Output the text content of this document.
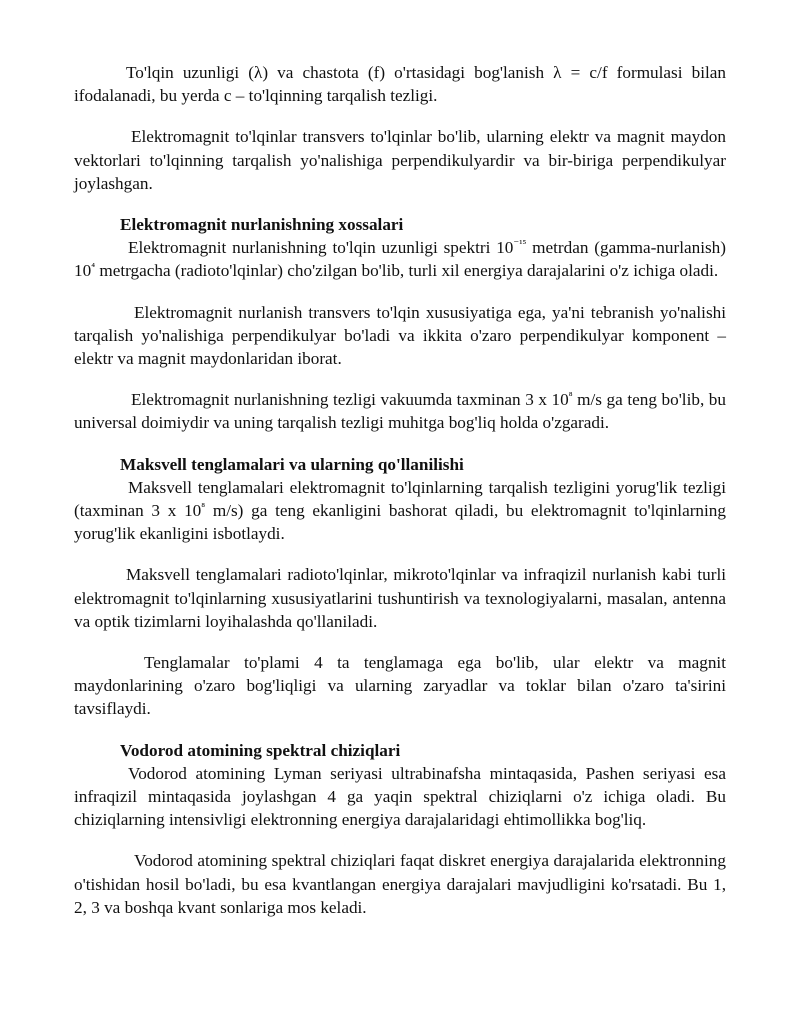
To'lqin uzunligi (λ) va chastota (f) o'rtasidagi bog'lanish λ = c/f formulasi bilan ifodalanadi, bu yerda c – to'lqinning tarqalish tezligi.

Elektromagnit to'lqinlar transvers to'lqinlar bo'lib, ularning elektr va magnit maydon vektorlari to'lqinning tarqalish yo'nalishiga perpendikulyardir va bir-biriga perpendikulyar joylashgan.

Elektromagnit nurlanishning xossalari

Elektromagnit nurlanishning to'lqin uzunligi spektri $10^{^{-15}}$ metrdan (gamma-nurlanish) $10^{^4}$ metrgacha (radioto'lqinlar) cho'zilgan bo'lib, turli xil energiya darajalarini o'z ichiga oladi.

Elektromagnit nurlanish transvers to'lqin xususiyatiga ega, ya'ni tebranish yo'nalishi tarqalish yo'nalishiga perpendikulyar bo'ladi va ikkita o'zaro perpendikulyar komponent – elektr va magnit maydonlaridan iborat.

Elektromagnit nurlanishning tezligi vakuumda taxminan 3 x $10^{^8}$ m/s ga teng bo'lib, bu universal doimiydir va uning tarqalish tezligi muhitga bog'liq holda o'zgaradi.

Maksvell tenglamalari va ularning qo'llanilishi

Maksvell tenglamalari elektromagnit to'lqinlarning tarqalish tezligini yorug'lik tezligi (taxminan 3 x $10^{^8}$ m/s) ga teng ekanligini bashorat qiladi, bu elektromagnit to'lqinlarning yorug'lik ekanligini isbotlaydi.

Maksvell tenglamalari radioto'lqinlar, mikroto'lqinlar va infraqizil nurlanish kabi turli elektromagnit to'lqinlarning xususiyatlarini tushuntirish va texnologiyalarni, masalan, antenna va optik tizimlarni loyihalashda qo'llaniladi.

Tenglamalar to'plami 4 ta tenglamaga ega bo'lib, ular elektr va magnit maydonlarining o'zaro bog'liqligi va ularning zaryadlar va toklar bilan o'zaro ta'sirini tavsiflaydi.

Vodorod atomining spektral chiziqlari

Vodorod atomining Lyman seriyasi ultrabinafsha mintaqasida, Pashen seriyasi esa infraqizil mintaqasida joylashgan 4 ga yaqin spektral chiziqlarni o'z ichiga oladi. Bu chiziqlarning intensivligi elektronning energiya darajalaridagi ehtimollikka bog'liq.

Vodorod atomining spektral chiziqlari faqat diskret energiya darajalarida elektronning o'tishidan hosil bo'ladi, bu esa kvantlangan energiya darajalari mavjudligini ko'rsatadi. Bu 1, 2, 3 va boshqa kvant sonlariga mos keladi.
